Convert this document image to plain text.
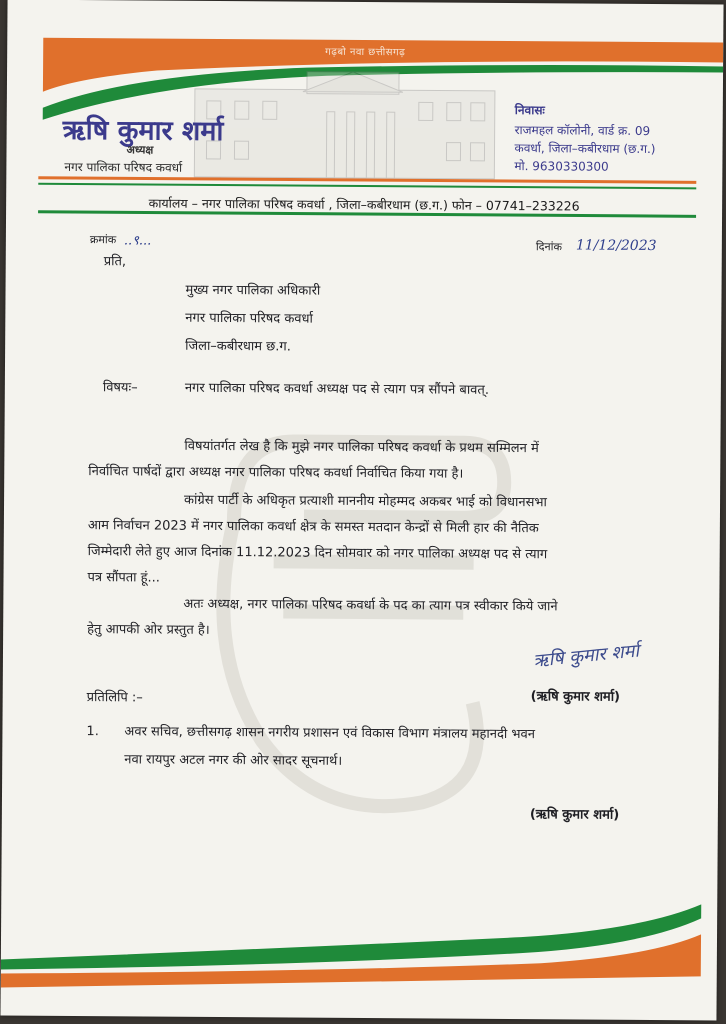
गढ़बो नवा छत्तीसगढ़
ऋषि कुमार शर्मा
अध्यक्ष
नगर पालिका परिषद कवर्धा
निवासः
राजमहल कॉलोनी, वार्ड क्र. 09
कवर्धा, जिला–कबीरधाम (छ.ग.)
मो. 9630330300
कार्यालय – नगर पालिका परिषद कवर्धा , जिला–कबीरधाम (छ.ग.) फोन – 07741–233226
क्रमांक ..९...	दिनांक 11/12/2023
प्रति,
मुख्य नगर पालिका अधिकारी
नगर पालिका परिषद कवर्धा
जिला–कबीरधाम छ.ग.
विषयः–	नगर पालिका परिषद कवर्धा अध्यक्ष पद से त्याग पत्र सौंपने बावत्.
विषयांतर्गत लेख है कि मुझे नगर पालिका परिषद कवर्धा के प्रथम सम्मिलन में
निर्वाचित पार्षदों द्वारा अध्यक्ष नगर पालिका परिषद कवर्धा निर्वाचित किया गया है।
कांग्रेस पार्टी के अधिकृत प्रत्याशी माननीय मोहम्मद अकबर भाई को विधानसभा
आम निर्वाचन 2023 में नगर पालिका कवर्धा क्षेत्र के समस्त मतदान केन्द्रों से मिली हार की नैतिक
जिम्मेदारी लेते हुए आज दिनांक 11.12.2023 दिन सोमवार को नगर पालिका अध्यक्ष पद से त्याग
पत्र सौंपता हूं...
अतः अध्यक्ष, नगर पालिका परिषद कवर्धा के पद का त्याग पत्र स्वीकार किये जाने
हेतु आपकी ओर प्रस्तुत है।
ऋषि कुमार शर्मा
(ऋषि कुमार शर्मा)
प्रतिलिपि :–
1. अवर सचिव, छत्तीसगढ़ शासन नगरीय प्रशासन एवं विकास विभाग मंत्रालय महानदी भवन
नवा रायपुर अटल नगर की ओर सादर सूचनार्थ।
(ऋषि कुमार शर्मा)
